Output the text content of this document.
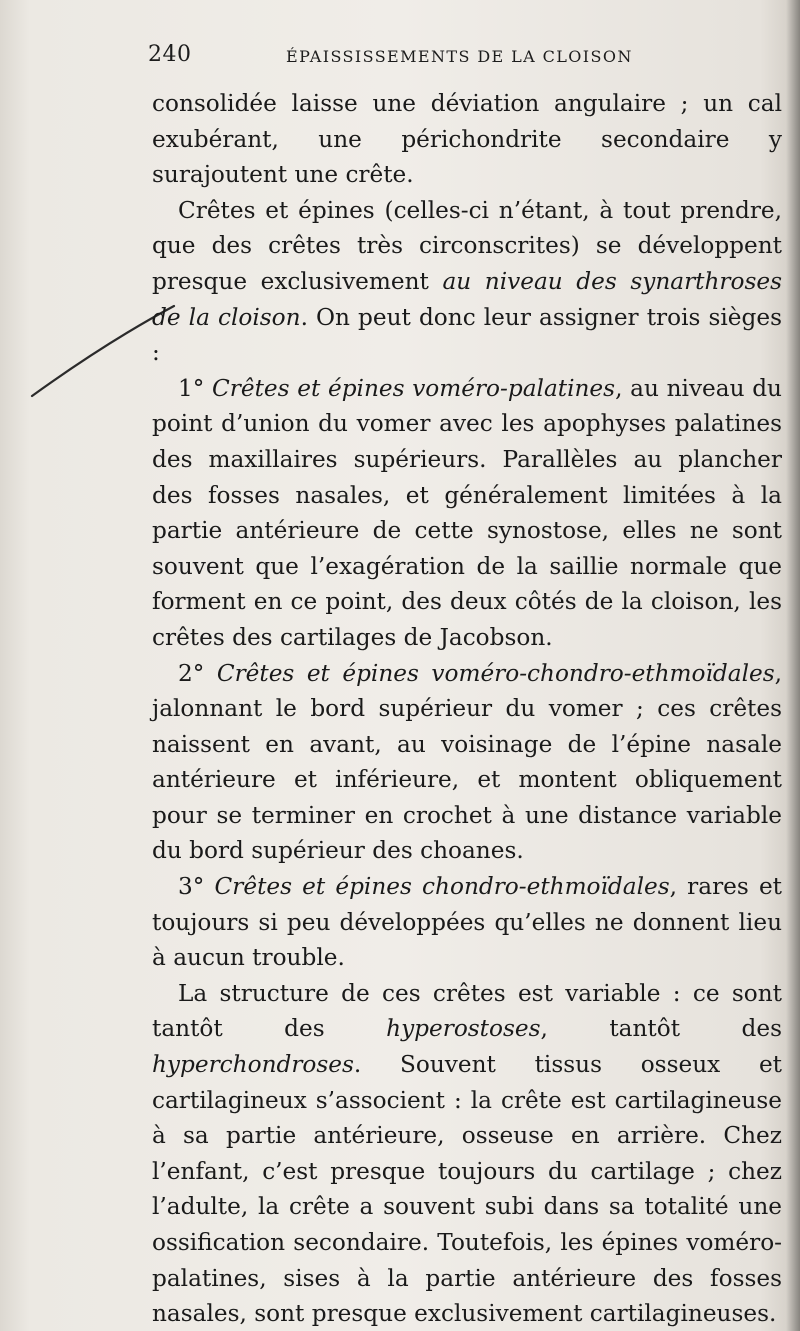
240	ÉPAISSISSEMENTS DE LA CLOISON

consolidée laisse une déviation angulaire ; un cal exubérant, une périchondrite secondaire y surajoutent une crête.

Crêtes et épines (celles-ci n’étant, à tout prendre, que des crêtes très circonscrites) se développent presque exclusivement au niveau des synarthroses de la cloison. On peut donc leur assigner trois sièges :

1° Crêtes et épines voméro-palatines, au niveau du point d’union du vomer avec les apophyses palatines des maxillaires supérieurs. Parallèles au plancher des fosses nasales, et généralement limitées à la partie antérieure de cette synostose, elles ne sont souvent que l’exagération de la saillie normale que forment en ce point, des deux côtés de la cloison, les crêtes des cartilages de Jacobson.

2° Crêtes et épines voméro-chondro-ethmoïdales, jalonnant le bord supérieur du vomer ; ces crêtes naissent en avant, au voisinage de l’épine nasale antérieure et inférieure, et montent obliquement pour se terminer en crochet à une distance variable du bord supérieur des choanes.

3° Crêtes et épines chondro-ethmoïdales, rares et toujours si peu développées qu’elles ne donnent lieu à aucun trouble.

La structure de ces crêtes est variable : ce sont tantôt des hyperostoses, tantôt des hyperchondroses. Souvent tissus osseux et cartilagineux s’associent : la crête est cartilagineuse à sa partie antérieure, osseuse en arrière. Chez l’enfant, c’est presque toujours du cartilage ; chez l’adulte, la crête a souvent subi dans sa totalité une ossification secondaire. Toutefois, les épines voméro-palatines, sises à la partie antérieure des fosses nasales, sont presque exclusivement cartilagineuses.
